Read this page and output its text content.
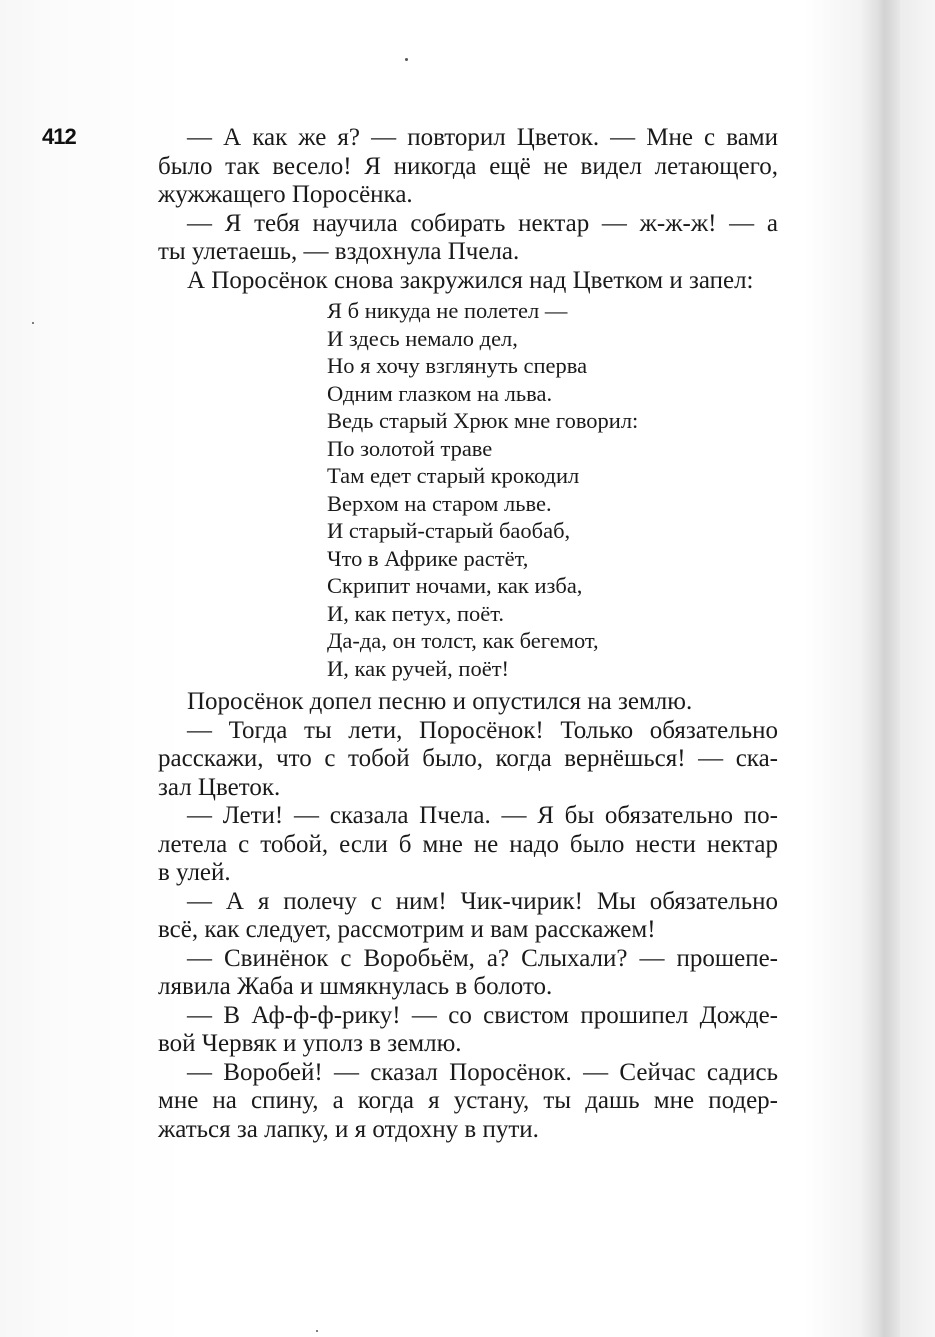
412	— А как же я? — повторил Цветок. — Мне с вами
было так весело! Я никогда ещё не видел летающего,
жужжащего Поросёнка.
— Я тебя научила собирать нектар — ж-ж-ж! — а
ты улетаешь, — вздохнула Пчела.
А Поросёнок снова закружился над Цветком и запел:
Я б никуда не полетел —
И здесь немало дел,
Но я хочу взглянуть сперва
Одним глазком на льва.
Ведь старый Хрюк мне говорил:
По золотой траве
Там едет старый крокодил
Верхом на старом льве.
И старый-старый баобаб,
Что в Африке растёт,
Скрипит ночами, как изба,
И, как петух, поёт.
Да-да, он толст, как бегемот,
И, как ручей, поёт!
Поросёнок допел песню и опустился на землю.
— Тогда ты лети, Поросёнок! Только обязательно
расскажи, что с тобой было, когда вернёшься! — ска-
зал Цветок.
— Лети! — сказала Пчела. — Я бы обязательно по-
летела с тобой, если б мне не надо было нести нектар
в улей.
— А я полечу с ним! Чик-чирик! Мы обязательно
всё, как следует, рассмотрим и вам расскажем!
— Свинёнок с Воробьём, а? Слыхали? — прошепе-
лявила Жаба и шмякнулась в болото.
— В Аф-ф-ф-рику! — со свистом прошипел Дожде-
вой Червяк и уполз в землю.
— Воробей! — сказал Поросёнок. — Сейчас садись
мне на спину, а когда я устану, ты дашь мне подер-
жаться за лапку, и я отдохну в пути.
